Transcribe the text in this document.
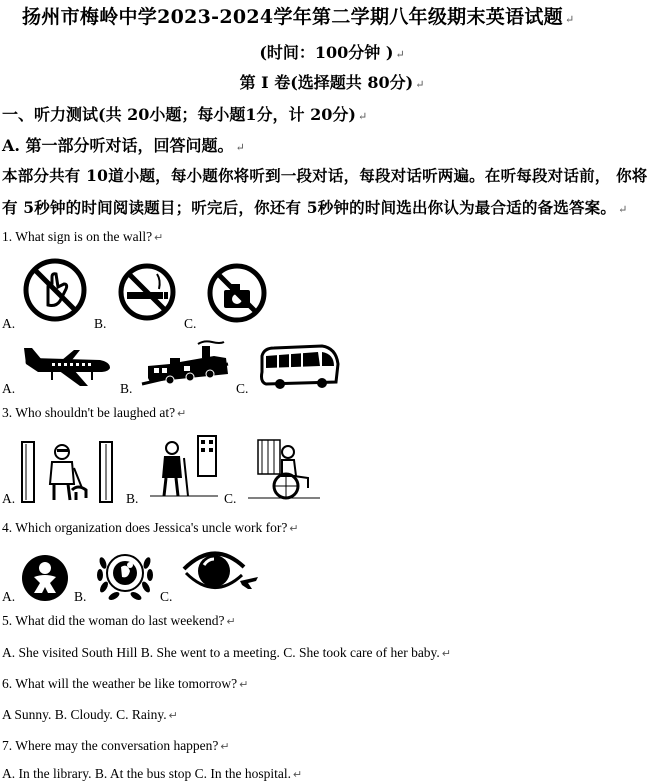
扬州市梅岭中学2023-2024学年第二学期八年级期末英语试题 ↵
(时间：100分钟 ) ↵
第 I 卷(选择题共 80分) ↵
一、听力测试(共 20小题；每小题1分，计 20分) ↵
A. 第一部分听对话，回答问题。 ↵
本部分共有 10道小题，每小题你将听到一段对话，每段对话听两遍。在听每段对话前， 你将
有 5秒钟的时间阅读题目；听完后，你还有 5秒钟的时间选出你认为最合适的备选答案。 ↵
1. What sign is on the wall? ↵
A.	B.	C.
A.	B.	C.
3. Who shouldn't be laughed at? ↵
A.	B.	C.
4. Which organization does Jessica's uncle work for? ↵
A.	B.	C.
5. What did the woman do last weekend? ↵
A. She visited South Hill B. She went to a meeting. C. She took care of her baby. ↵
6. What will the weather be like tomorrow? ↵
A Sunny. B. Cloudy. C. Rainy. ↵
7. Where may the conversation happen? ↵
A. In the library. B. At the bus stop C. In the hospital. ↵
